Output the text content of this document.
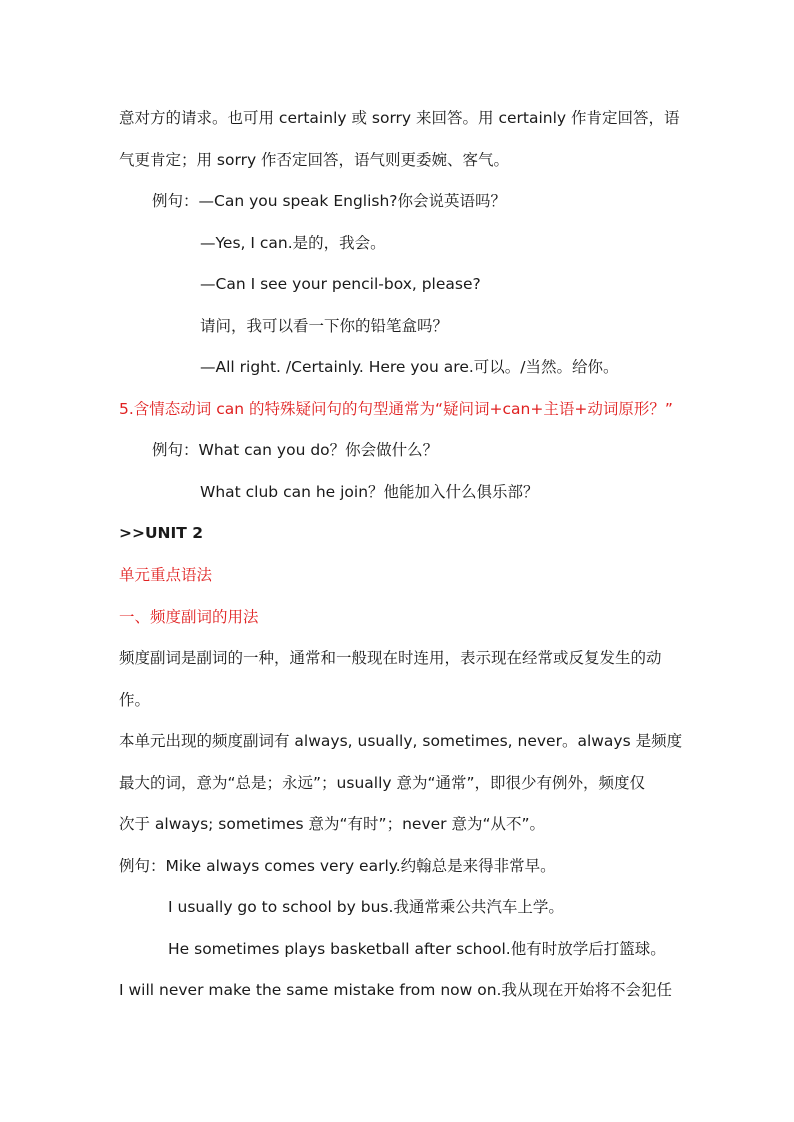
意对方的请求。也可用 certainly 或 sorry 来回答。用 certainly 作肯定回答，语
气更肯定；用 sorry 作否定回答，语气则更委婉、客气。
例句：—Can you speak English?你会说英语吗？
—Yes, I can.是的，我会。
—Can I see your pencil-box, please?
请问，我可以看一下你的铅笔盒吗？
—All right. /Certainly. Here you are.可以。/当然。给你。
5.含情态动词 can 的特殊疑问句的句型通常为“疑问词+can+主语+动词原形？”
例句：What can you do？你会做什么？
What club can he join？他能加入什么俱乐部？
>>UNIT 2
单元重点语法
一、频度副词的用法
频度副词是副词的一种，通常和一般现在时连用，表示现在经常或反复发生的动
作。
本单元出现的频度副词有 always, usually, sometimes, never。always 是频度
最大的词，意为“总是；永远”；usually 意为“通常”，即很少有例外，频度仅
次于 always; sometimes 意为“有时”；never 意为“从不”。
例句：Mike always comes very early.约翰总是来得非常早。
I usually go to school by bus.我通常乘公共汽车上学。
He sometimes plays basketball after school.他有时放学后打篮球。
I will never make the same mistake from now on.我从现在开始将不会犯任
